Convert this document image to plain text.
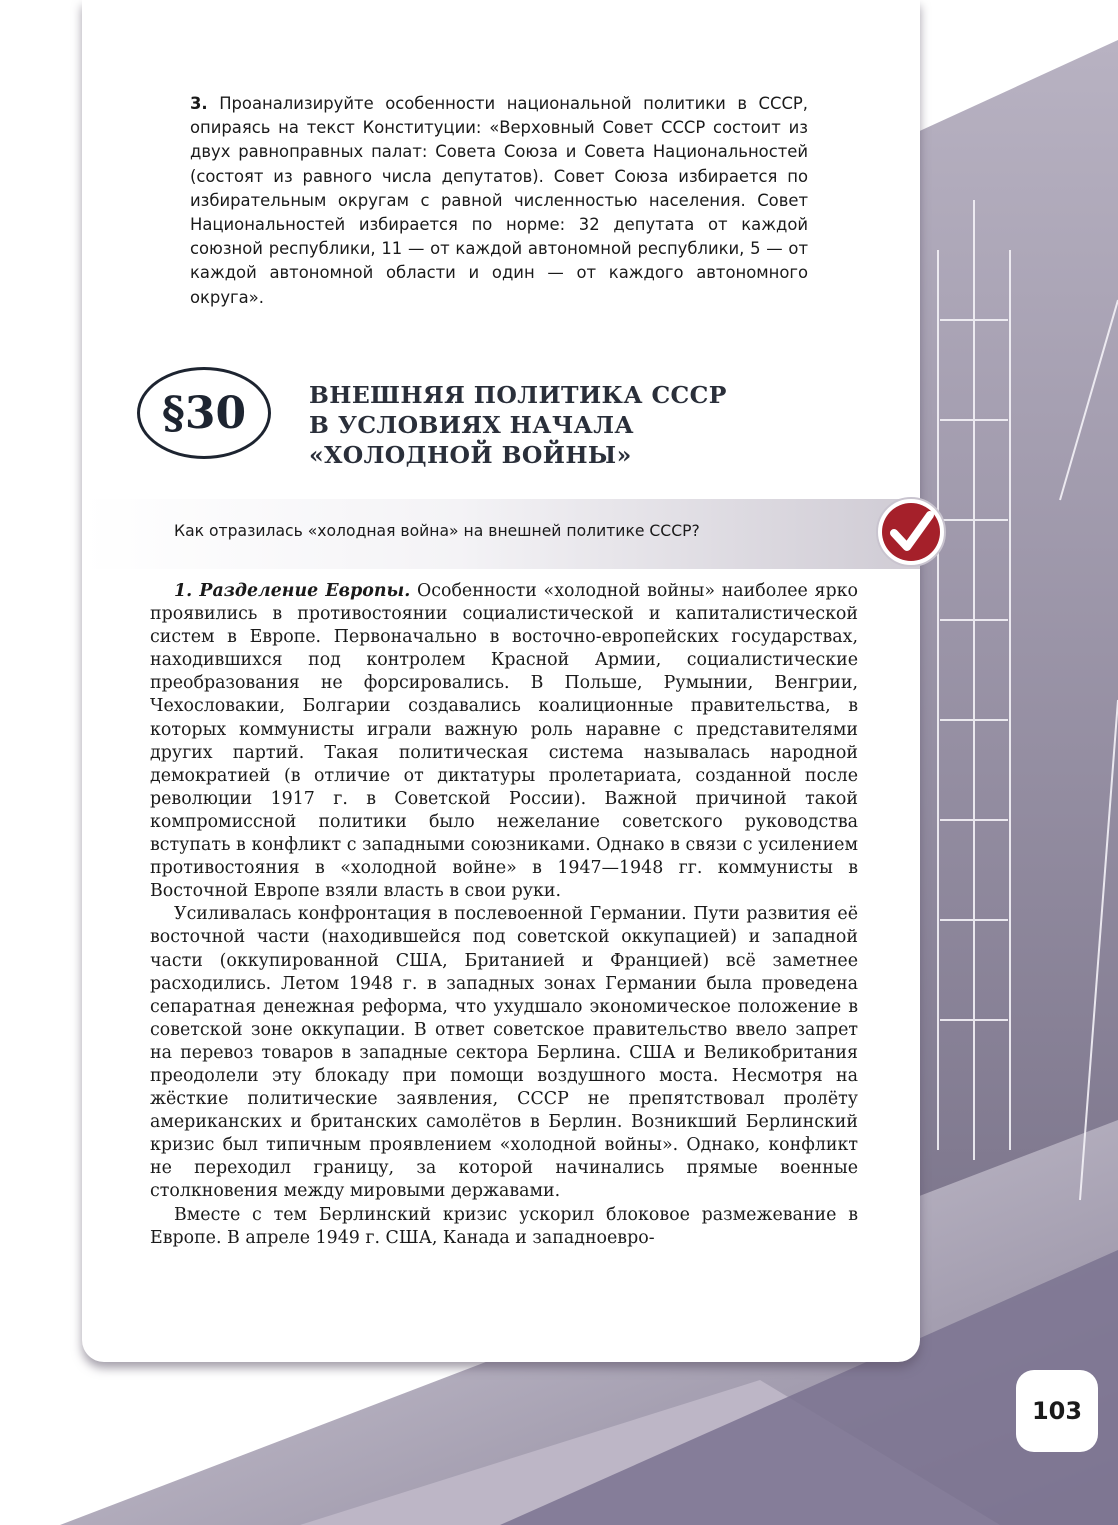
3. Проанализируйте особенности национальной политики в СССР, опираясь на текст Конституции: «Верховный Совет СССР состоит из двух равноправных палат: Совета Союза и Совета Национальностей (состоят из равного числа депутатов). Совет Союза избирается по избирательным округам с равной численностью населения. Совет Национальностей избирается по норме: 32 депутата от каждой союзной республики, 11 — от каждой автономной республики, 5 — от каждой автономной области и один — от каждого автономного округа».

§30	ВНЕШНЯЯ ПОЛИТИКА СССР
В УСЛОВИЯХ НАЧАЛА
«ХОЛОДНОЙ ВОЙНЫ»

Как отразилась «холодная война» на внешней политике СССР?

1. Разделение Европы. Особенности «холодной войны» наиболее ярко проявились в противостоянии социалистической и капиталистической систем в Европе. Первоначально в восточно-европейских государствах, находившихся под контролем Красной Армии, социалистические преобразования не форсировались. В Польше, Румынии, Венгрии, Чехословакии, Болгарии создавались коалиционные правительства, в которых коммунисты играли важную роль наравне с представителями других партий. Такая политическая система называлась народной демократией (в отличие от диктатуры пролетариата, созданной после революции 1917 г. в Советской России). Важной причиной такой компромиссной политики было нежелание советского руководства вступать в конфликт с западными союзниками. Однако в связи с усилением противостояния в «холодной войне» в 1947—1948 гг. коммунисты в Восточной Европе взяли власть в свои руки.

Усиливалась конфронтация в послевоенной Германии. Пути развития её восточной части (находившейся под советской оккупацией) и западной части (оккупированной США, Британией и Францией) всё заметнее расходились. Летом 1948 г. в западных зонах Германии была проведена сепаратная денежная реформа, что ухудшало экономическое положение в советской зоне оккупации. В ответ советское правительство ввело запрет на перевоз товаров в западные сектора Берлина. США и Великобритания преодолели эту блокаду при помощи воздушного моста. Несмотря на жёсткие политические заявления, СССР не препятствовал пролёту американских и британских самолётов в Берлин. Возникший Берлинский кризис был типичным проявлением «холодной войны». Однако, конфликт не переходил границу, за которой начинались прямые военные столкновения между мировыми державами.

Вместе с тем Берлинский кризис ускорил блоковое размежевание в Европе. В апреле 1949 г. США, Канада и западноевро-

103
